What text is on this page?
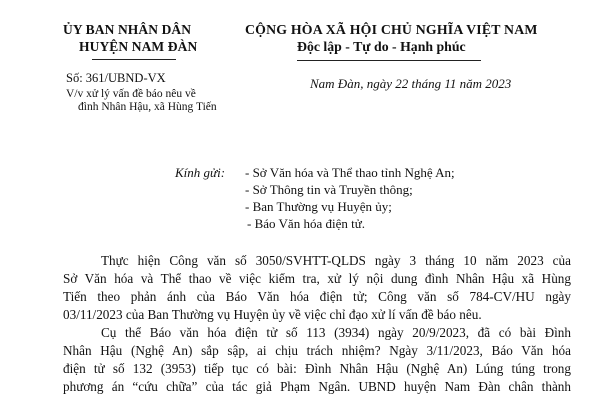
ỦY BAN NHÂN DÂN
HUYỆN NAM ĐÀN
CỘNG HÒA XÃ HỘI CHỦ NGHĨA VIỆT NAM
Độc lập - Tự do - Hạnh phúc
Số: 361/UBND-VX
V/v xử lý vấn đề báo nêu về
đình Nhân Hậu, xã Hùng Tiến
Nam Đàn, ngày 22 tháng 11 năm 2023
Kính gửi: - Sở Văn hóa và Thể thao tỉnh Nghệ An;
- Sở Thông tin và Truyền thông;
- Ban Thường vụ Huyện ủy;
- Báo Văn hóa điện tử.
Thực hiện Công văn số 3050/SVHTT-QLDS ngày 3 tháng 10 năm 2023 của
Sở Văn hóa và Thể thao về việc kiểm tra, xử lý nội dung đình Nhân Hậu xã Hùng
Tiến theo phản ánh của Báo Văn hóa điện tử; Công văn số 784-CV/HU ngày
03/11/2023 của Ban Thường vụ Huyện ủy về việc chỉ đạo xử lí vấn đề báo nêu.
Cụ thể Báo văn hóa điện tử số 113 (3934) ngày 20/9/2023, đã có bài Đình
Nhân Hậu (Nghệ An) sắp sập, ai chịu trách nhiệm? Ngày 3/11/2023, Báo Văn hóa
điện tử số 132 (3953) tiếp tục có bài: Đình Nhân Hậu (Nghệ An) Lúng túng trong
phương án “cứu chữa” của tác giả Phạm Ngân. UBND huyện Nam Đàn chân thành
